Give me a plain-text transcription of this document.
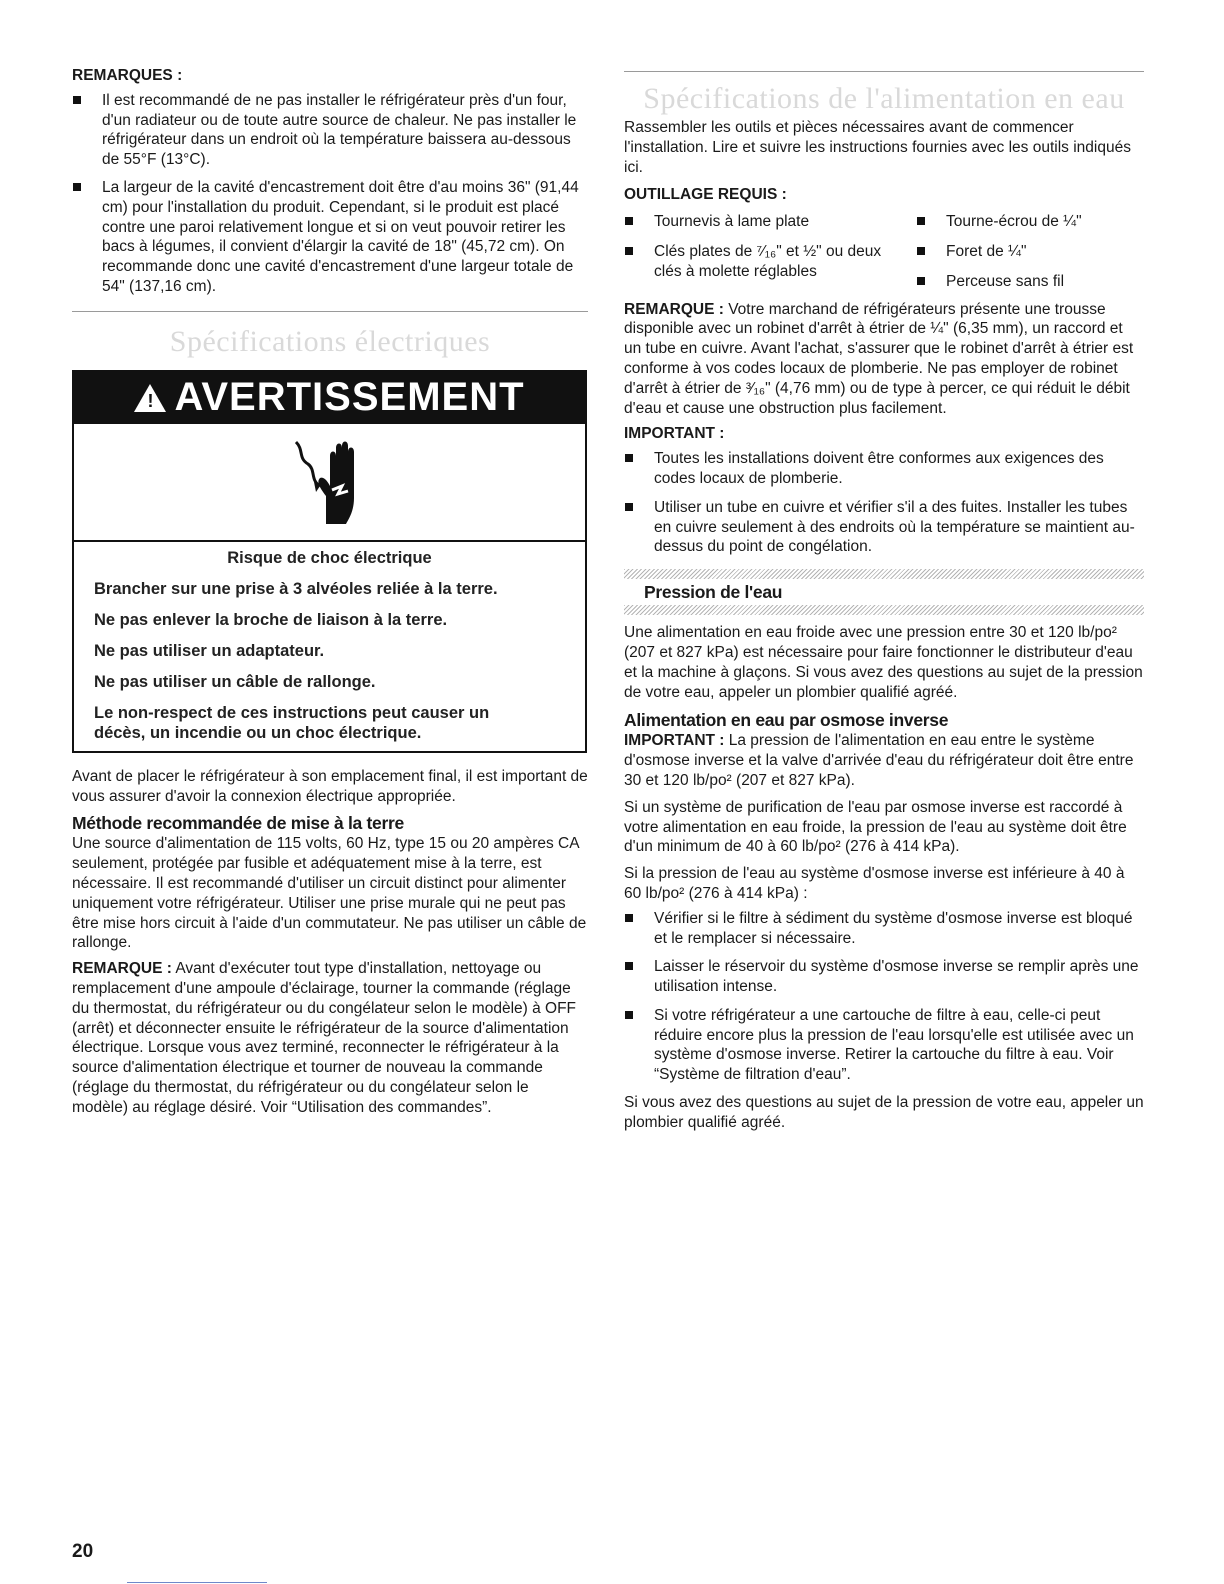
REMARQUES :

Il est recommandé de ne pas installer le réfrigérateur près d'un four, d'un radiateur ou de toute autre source de chaleur. Ne pas installer le réfrigérateur dans un endroit où la température baissera au-dessous de 55°F (13°C).
La largeur de la cavité d'encastrement doit être d'au moins 36" (91,44 cm) pour l'installation du produit. Cependant, si le produit est placé contre une paroi relativement longue et si on veut pouvoir retirer les bacs à légumes, il convient d'élargir la cavité de 18" (45,72 cm). On recommande donc une cavité d'encastrement d'une largeur totale de 54" (137,16 cm).

Spécifications électriques

! AVERTISSEMENT

Risque de choc électrique

Brancher sur une prise à 3 alvéoles reliée à la terre.

Ne pas enlever la broche de liaison à la terre.

Ne pas utiliser un adaptateur.

Ne pas utiliser un câble de rallonge.

Le non-respect de ces instructions peut causer un décès, un incendie ou un choc électrique.

Avant de placer le réfrigérateur à son emplacement final, il est important de vous assurer d'avoir la connexion électrique appropriée.

Méthode recommandée de mise à la terre

Une source d'alimentation de 115 volts, 60 Hz, type 15 ou 20 ampères CA seulement, protégée par fusible et adéquatement mise à la terre, est nécessaire. Il est recommandé d'utiliser un circuit distinct pour alimenter uniquement votre réfrigérateur. Utiliser une prise murale qui ne peut pas être mise hors circuit à l'aide d'un commutateur. Ne pas utiliser un câble de rallonge.

REMARQUE : Avant d'exécuter tout type d'installation, nettoyage ou remplacement d'une ampoule d'éclairage, tourner la commande (réglage du thermostat, du réfrigérateur ou du congélateur selon le modèle) à OFF (arrêt) et déconnecter ensuite le réfrigérateur de la source d'alimentation électrique. Lorsque vous avez terminé, reconnecter le réfrigérateur à la source d'alimentation électrique et tourner de nouveau la commande (réglage du thermostat, du réfrigérateur ou du congélateur selon le modèle) au réglage désiré. Voir “Utilisation des commandes”.

Spécifications de l'alimentation en eau

Rassembler les outils et pièces nécessaires avant de commencer l'installation. Lire et suivre les instructions fournies avec les outils indiqués ici.

OUTILLAGE REQUIS :

Tournevis à lame plate
Clés plates de ⁷⁄₁₆" et ½" ou deux clés à molette réglables
Tourne-écrou de ¼"
Foret de ¼"
Perceuse sans fil

REMARQUE : Votre marchand de réfrigérateurs présente une trousse disponible avec un robinet d'arrêt à étrier de ¼" (6,35 mm), un raccord et un tube en cuivre. Avant l'achat, s'assurer que le robinet d'arrêt à étrier est conforme à vos codes locaux de plomberie. Ne pas employer de robinet d'arrêt à étrier de ³⁄₁₆" (4,76 mm) ou de type à percer, ce qui réduit le débit d'eau et cause une obstruction plus facilement.

IMPORTANT :

Toutes les installations doivent être conformes aux exigences des codes locaux de plomberie.
Utiliser un tube en cuivre et vérifier s'il a des fuites. Installer les tubes en cuivre seulement à des endroits où la température se maintient au-dessus du point de congélation.

Pression de l'eau

Une alimentation en eau froide avec une pression entre 30 et 120 lb/po² (207 et 827 kPa) est nécessaire pour faire fonctionner le distributeur d'eau et la machine à glaçons. Si vous avez des questions au sujet de la pression de votre eau, appeler un plombier qualifié agréé.

Alimentation en eau par osmose inverse

IMPORTANT : La pression de l'alimentation en eau entre le système d'osmose inverse et la valve d'arrivée d'eau du réfrigérateur doit être entre 30 et 120 lb/po² (207 et 827 kPa).

Si un système de purification de l'eau par osmose inverse est raccordé à votre alimentation en eau froide, la pression de l'eau au système doit être d'un minimum de 40 à 60 lb/po² (276 à 414 kPa).

Si la pression de l'eau au système d'osmose inverse est inférieure à 40 à 60 lb/po² (276 à 414 kPa) :

Vérifier si le filtre à sédiment du système d'osmose inverse est bloqué et le remplacer si nécessaire.
Laisser le réservoir du système d'osmose inverse se remplir après une utilisation intense.
Si votre réfrigérateur a une cartouche de filtre à eau, celle-ci peut réduire encore plus la pression de l'eau lorsqu'elle est utilisée avec un système d'osmose inverse. Retirer la cartouche du filtre à eau. Voir “Système de filtration d'eau”.

Si vous avez des questions au sujet de la pression de votre eau, appeler un plombier qualifié agréé.

20
